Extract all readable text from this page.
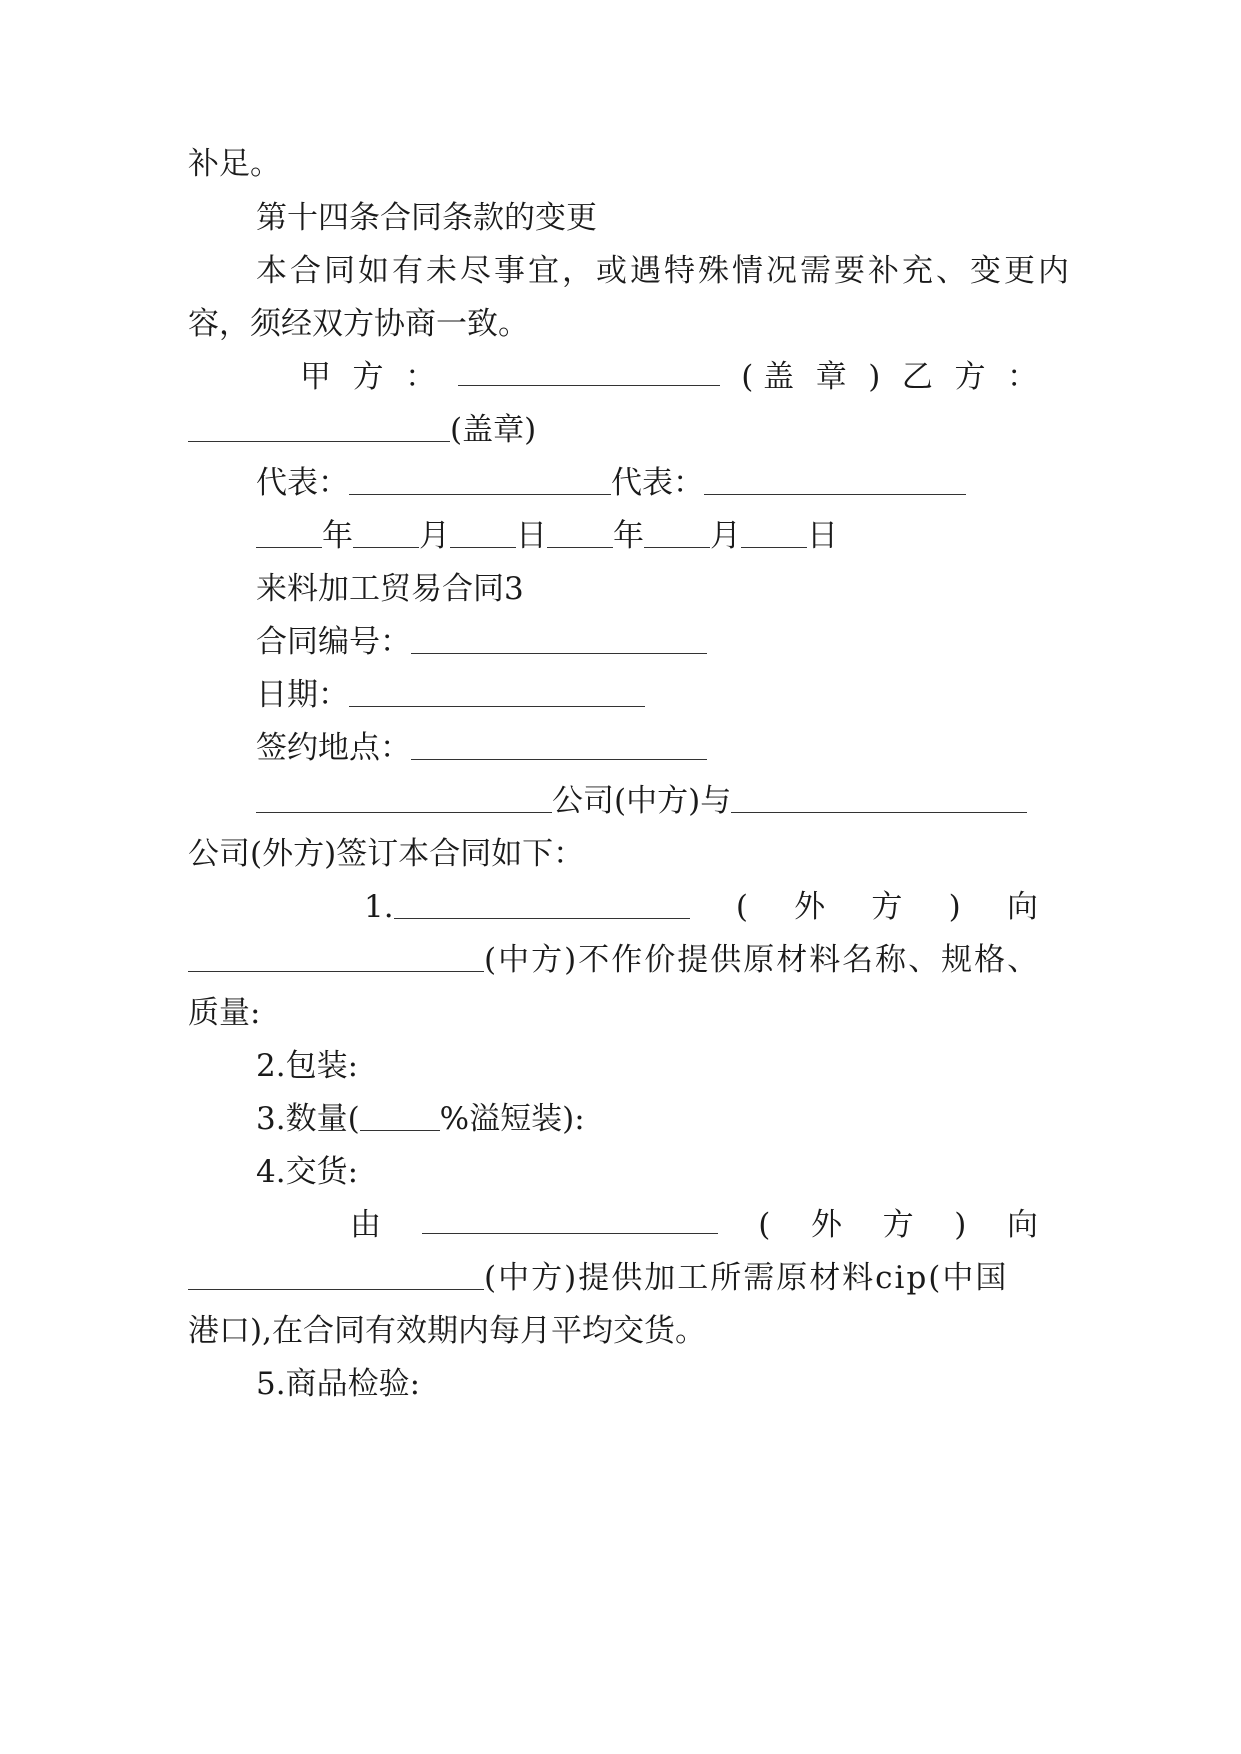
补足。
第十四条合同条款的变更
本合同如有未尽事宜，或遇特殊情况需要补充、变更内
容，须经双方协商一致。
甲 方 ：	( 盖 章 ) 乙 方 ：
(盖章)
代表：	代表：
年 月 日 年 月 日
来料加工贸易合同3
合同编号：
日期：
签约地点：
公司(中方)与
公司(外方)签订本合同如下：
1.	( 外 方 ) 向
(中方)不作价提供原材料名称、规格、
质量:
2.包装:
3.数量(	%溢短装):
4.交货:
由	( 外 方 ) 向
(中方)提供加工所需原材料cip(中国
港口),在合同有效期内每月平均交货。
5.商品检验:
